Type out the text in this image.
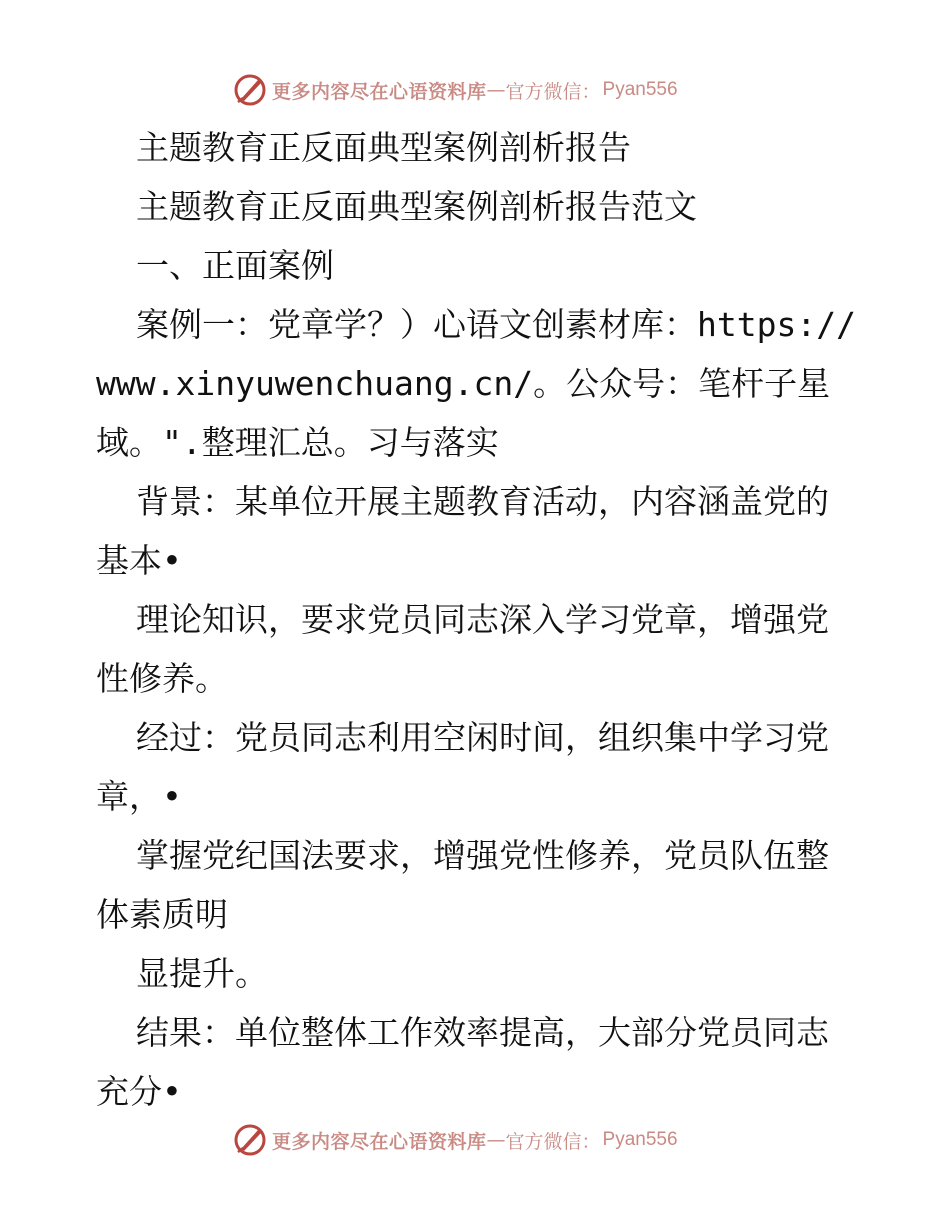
更多内容尽在心语资料库 — 官方微信： Pyan556

主题教育正反面典型案例剖析报告

主题教育正反面典型案例剖析报告范文

一、正面案例

案例一：党章学？）心语文创素材库：https://

www.xinyuwenchuang.cn/。公众号：笔杆子星

域。".整理汇总。习与落实

背景：某单位开展主题教育活动，内容涵盖党的

基本•

理论知识，要求党员同志深入学习党章，增强党

性修养。

经过：党员同志利用空闲时间，组织集中学习党

章，•

掌握党纪国法要求，增强党性修养，党员队伍整

体素质明

显提升。

结果：单位整体工作效率提高，大部分党员同志

充分•

更多内容尽在心语资料库 — 官方微信： Pyan556
